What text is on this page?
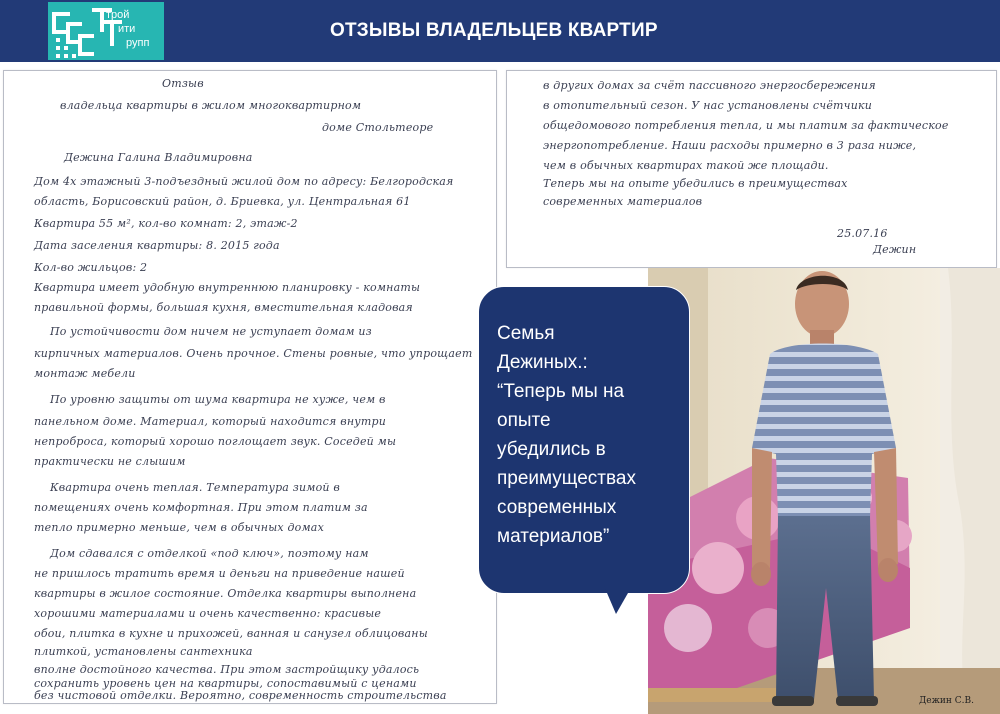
трой
ити
рупп
ОТЗЫВЫ ВЛАДЕЛЬЦЕВ КВАРТИР
Отзыв
владельца квартиры в жилом многоквартирном
доме Стольтеоре
Дежина Галина Владимировна
Дом 4х этажный 3-подъездный жилой дом по адресу: Белгородская
область, Борисовский район, д. Бриевка, ул. Центральная 61
Квартира 55 м², кол-во комнат: 2, этаж-2
Дата заселения квартиры: 8. 2015 года
Кол-во жильцов: 2
Квартира имеет удобную внутреннюю планировку - комнаты
правильной формы, большая кухня, вместительная кладовая
По устойчивости дом ничем не уступает домам из
кирпичных материалов. Очень прочное. Стены ровные, что упрощает
монтаж мебели
По уровню защиты от шума квартира не хуже, чем в
панельном доме. Материал, который находится внутри
непроброса, который хорошо поглощает звук. Соседей мы
практически не слышим
Квартира очень теплая. Температура зимой в
помещениях очень комфортная. При этом платим за
тепло примерно меньше, чем в обычных домах
Дом сдавался с отделкой «под ключ», поэтому нам
не пришлось тратить время и деньги на приведение нашей
квартиры в жилое состояние. Отделка квартиры выполнена
хорошими материалами и очень качественно: красивые
обои, плитка в кухне и прихожей, ванная и санузел облицованы
плиткой, установлены сантехника
вполне достойного качества. При этом застройщику удалось
сохранить уровень цен на квартиры, сопоставимый с ценами
без чистовой отделки. Вероятно, современность строительства
в других домах за счёт пассивного энергосбережения
в отопительный сезон. У нас установлены счётчики
общедомового потребления тепла, и мы платим за фактическое
энергопотребление. Наши расходы примерно в 3 раза ниже,
чем в обычных квартирах такой же площади.
Теперь мы на опыте убедились в преимуществах
современных материалов
25.07.16
Дежин
Дежин С.В.
Семья
Дежиных.:
“Теперь мы на
опыте
убедились в
преимуществах
современных
материалов”
